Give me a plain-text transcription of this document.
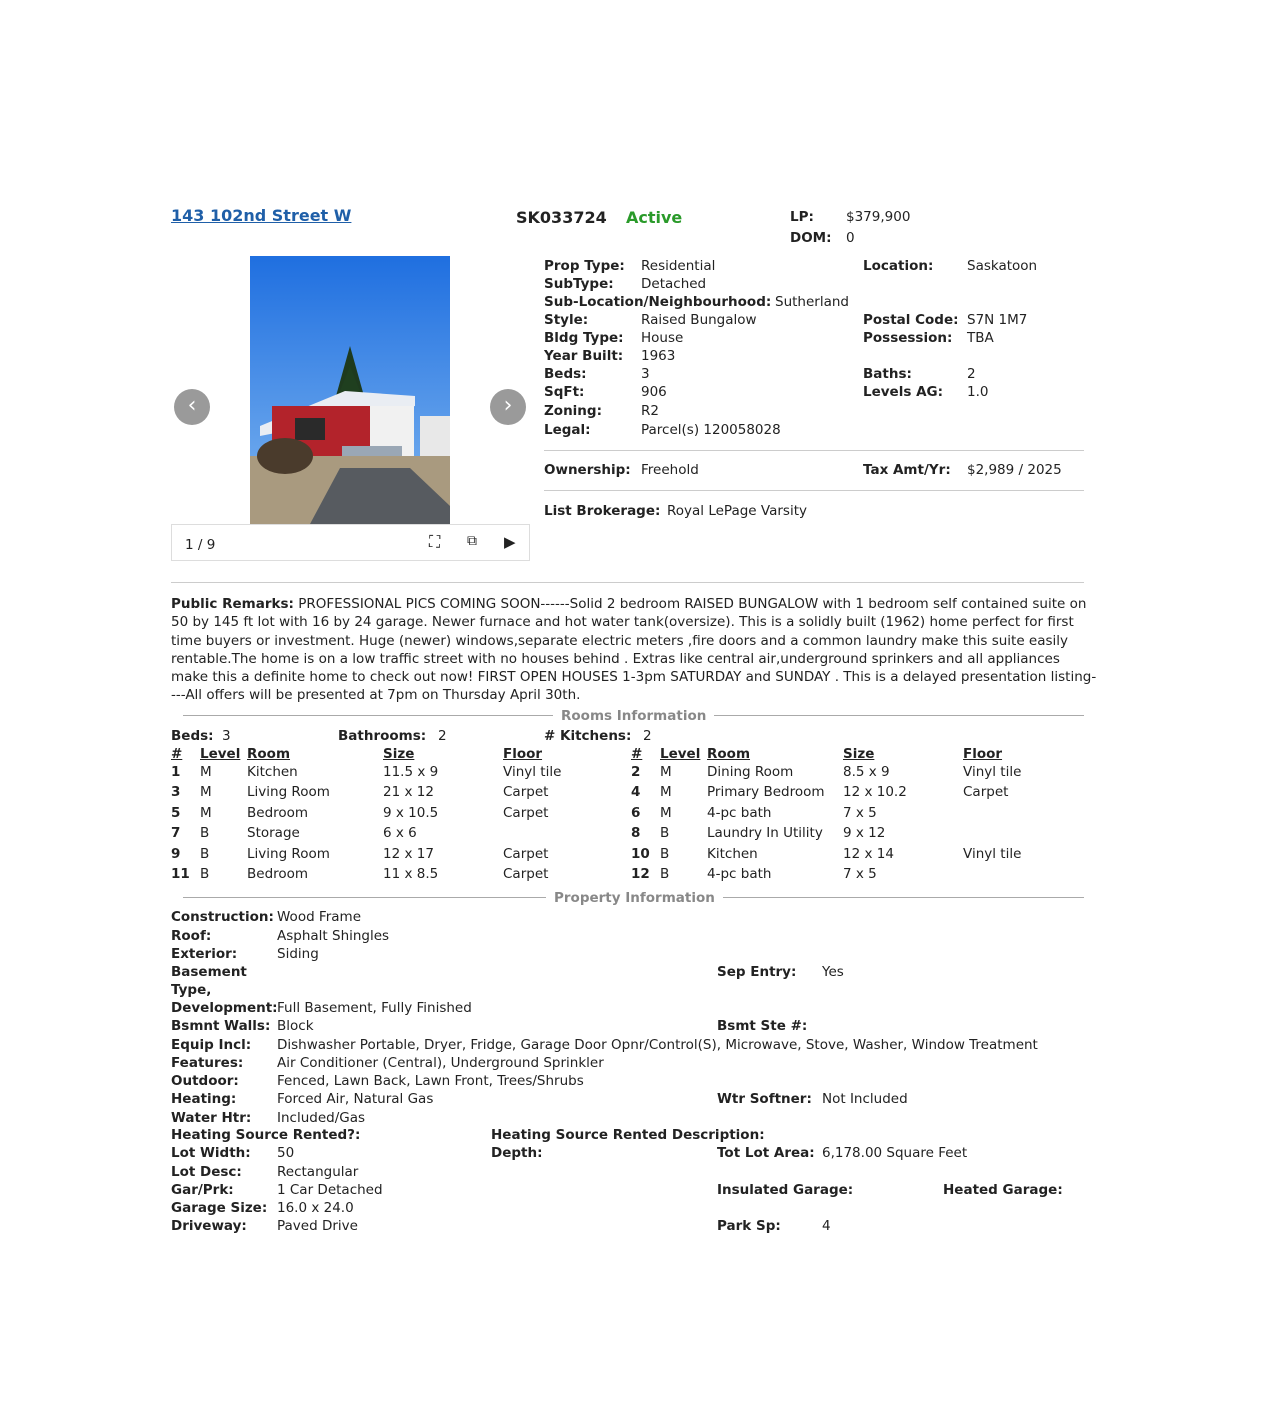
143 102nd Street W	SK033724 Active	LP: $379,900
DOM: 0
‹	›
1 / 9	⛶ ⧉ ▶
Prop Type: Residential
SubType: Detached
Sub-Location/Neighbourhood: Sutherland
Style:	Raised Bungalow
Bldg Type: House
Year Built: 1963
Beds:	3
SqFt:	906
Zoning:	R2
Legal:	Parcel(s) 120058028
Location: Saskatoon
Postal Code: S7N 1M7
Possession: TBA
Baths:	2
Levels AG: 1.0
Ownership: Freehold	Tax Amt/Yr: $2,989 / 2025
List Brokerage: Royal LePage Varsity
Public Remarks: PROFESSIONAL PICS COMING SOON------Solid 2 bedroom RAISED BUNGALOW with 1 bedroom self contained suite on 50 by 145 ft lot with 16 by 24 garage. Newer furnace and hot water tank(oversize). This is a solidly built (1962) home perfect for first time buyers or investment. Huge (newer) windows,separate electric meters ,fire doors and a common laundry make this suite easily rentable.The home is on a low traffic street with no houses behind . Extras like central air,underground sprinkers and all appliances make this a definite home to check out now! FIRST OPEN HOUSES 1-3pm SATURDAY and SUNDAY . This is a delayed presentation listing----All offers will be presented at 7pm on Thursday April 30th.
Rooms Information
Beds: 3	Bathrooms: 2	# Kitchens: 2
# Level Room	Size	Floor	# Level Room	Size	Floor
1 M	Kitchen	11.5 x 9	Vinyl tile
3 M	Living Room	21 x 12	Carpet
5 M	Bedroom	9 x 10.5	Carpet
7 B	Storage	6 x 6
9 B	Living Room	12 x 17	Carpet
11 B	Bedroom	11 x 8.5	Carpet
2 M	Dining Room	8.5 x 9	Vinyl tile
4 M	Primary Bedroom 12 x 10.2	Carpet
6 M	4-pc bath	7 x 5
8 B	Laundry In Utility 9 x 12
10 B	Kitchen	12 x 14	Vinyl tile
12 B	4-pc bath	7 x 5
Property Information
Construction: Wood Frame
Roof:	Asphalt Shingles
Exterior:	Siding
Basement
Type,
Development: Full Basement, Fully Finished
Sep Entry: Yes
Bsmnt Walls: Block	Bsmt Ste #:
Equip Incl: Dishwasher Portable, Dryer, Fridge, Garage Door Opnr/Control(S), Microwave, Stove, Washer, Window Treatment
Features: Air Conditioner (Central), Underground Sprinkler
Outdoor:	Fenced, Lawn Back, Lawn Front, Trees/Shrubs
Heating:	Forced Air, Natural Gas	Wtr Softner: Not Included
Water Htr: Included/Gas
Heating Source Rented?:	Heating Source Rented Description:
Lot Width: 50	Depth:	Tot Lot Area: 6,178.00 Square Feet
Lot Desc:	Rectangular
Gar/Prk:	1 Car Detached	Insulated Garage:	Heated Garage:
Garage Size: 16.0 x 24.0
Driveway: Paved Drive	Park Sp:	4
